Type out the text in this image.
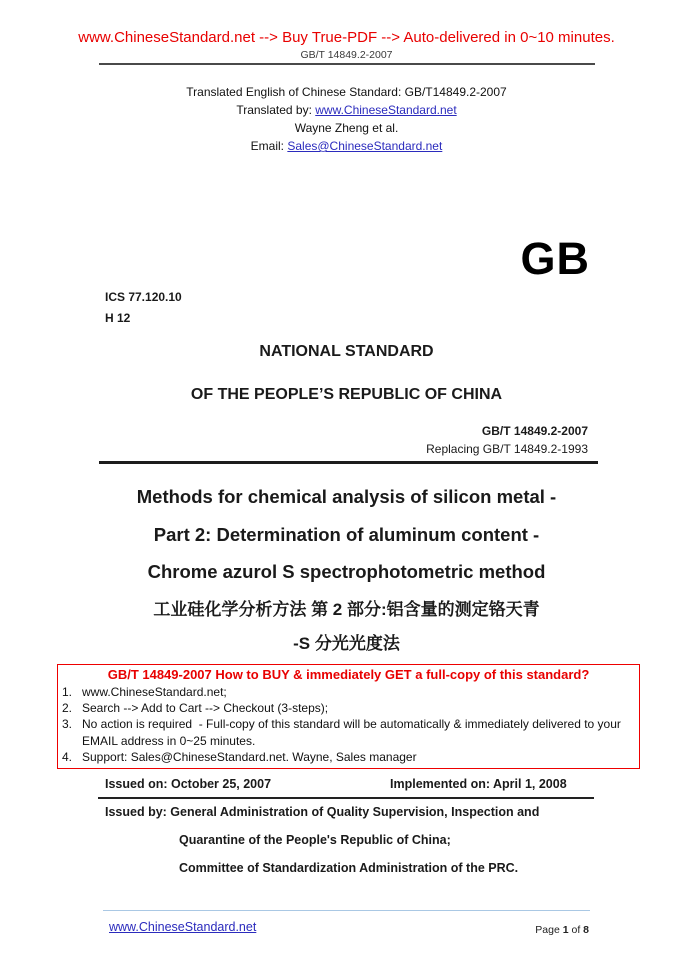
www.ChineseStandard.net --> Buy True-PDF --> Auto-delivered in 0~10 minutes.
GB/T 14849.2-2007
Translated English of Chinese Standard: GB/T14849.2-2007
Translated by: www.ChineseStandard.net
Wayne Zheng et al.
Email: Sales@ChineseStandard.net
GB
ICS 77.120.10
H 12
NATIONAL STANDARD
OF THE PEOPLE’S REPUBLIC OF CHINA
GB/T 14849.2-2007
Replacing GB/T 14849.2-1993
Methods for chemical analysis of silicon metal -
Part 2: Determination of aluminum content -
Chrome azurol S spectrophotometric method
工业硅化学分析方法 第 2 部分:铝含量的测定铬天青
-S 分光光度法
GB/T 14849-2007 How to BUY & immediately GET a full-copy of this standard?
1. www.ChineseStandard.net;
2. Search --> Add to Cart --> Checkout (3-steps);
3. No action is required  - Full-copy of this standard will be automatically & immediately delivered to your EMAIL address in 0~25 minutes.
4. Support: Sales@ChineseStandard.net. Wayne, Sales manager
Issued on: October 25, 2007	Implemented on: April 1, 2008
Issued by: General Administration of Quality Supervision, Inspection and
Quarantine of the People's Republic of China;
Committee of Standardization Administration of the PRC.
www.ChineseStandard.net	Page 1 of 8
